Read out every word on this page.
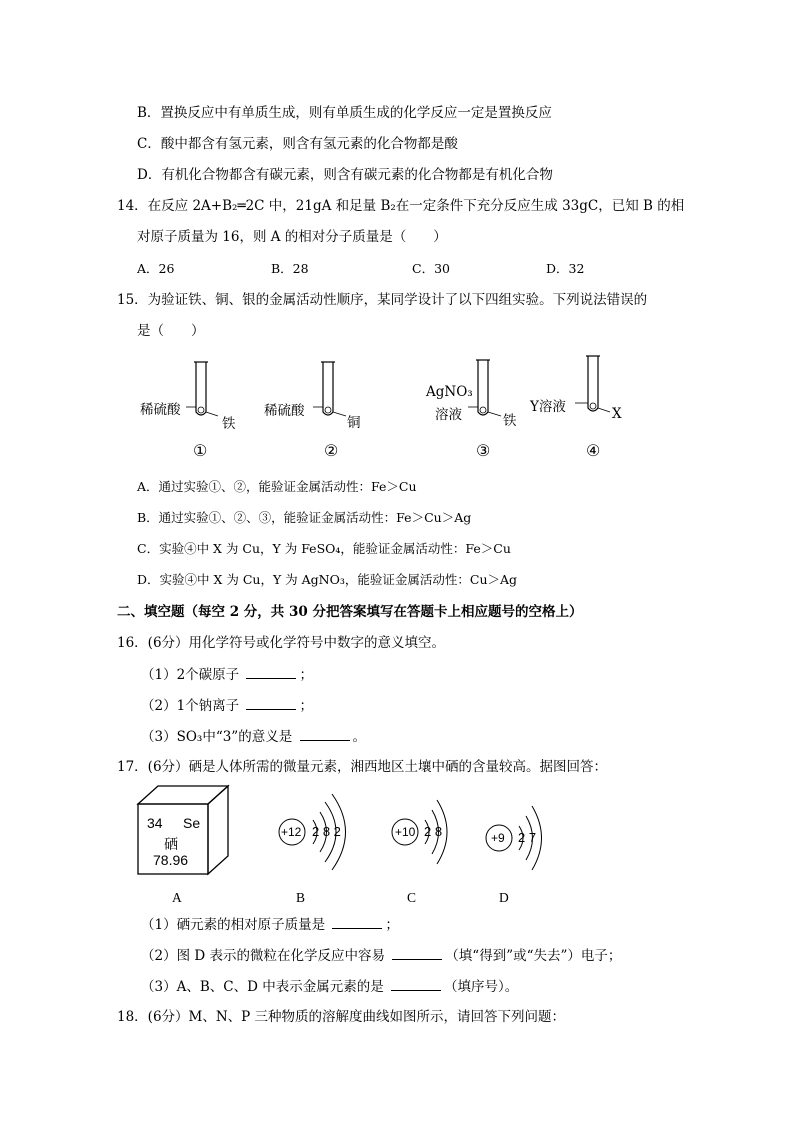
B．置换反应中有单质生成，则有单质生成的化学反应一定是置换反应
C．酸中都含有氢元素，则含有氢元素的化合物都是酸
D．有机化合物都含有碳元素，则含有碳元素的化合物都是有机化合物
14．在反应 2A+B₂═2C 中，21gA 和足量 B₂在一定条件下充分反应生成 33gC，已知 B 的相
对原子质量为 16，则 A 的相对分子质量是（　　）
A．26	B．28	C．30	D．32
15．为验证铁、铜、银的金属活动性顺序，某同学设计了以下四组实验。下列说法错误的
是（　　）
稀硫酸
铁
稀硫酸
铜
AgNO₃
溶液	铁
Y溶液	X
①	②	③	④
A．通过实验①、②，能验证金属活动性：Fe＞Cu
B．通过实验①、②、③，能验证金属活动性：Fe＞Cu＞Ag
C．实验④中 X 为 Cu，Y 为 FeSO₄，能验证金属活动性：Fe＞Cu
D．实验④中 X 为 Cu，Y 为 AgNO₃，能验证金属活动性：Cu＞Ag
二、填空题（每空 2 分，共 30 分把答案填写在答题卡上相应题号的空格上）
16．(6分）用化学符号或化学符号中数字的意义填空。
（1）2个碳原子	；
（2）1个钠离子	；
（3）SO₃中“3”的意义是	。
17．(6分）硒是人体所需的微量元素，湘西地区土壤中硒的含量较高。据图回答：
34 Se
硒
78.96
+12 2 8 2	+10 2 8	+9 2 7
A	B	C	D
（1）硒元素的相对原子质量是	；
（2）图 D 表示的微粒在化学反应中容易	（填“得到”或“失去”）电子；
（3）A、B、C、D 中表示金属元素的是	（填序号）。
18．(6分）M、N、P 三种物质的溶解度曲线如图所示，请回答下列问题：
